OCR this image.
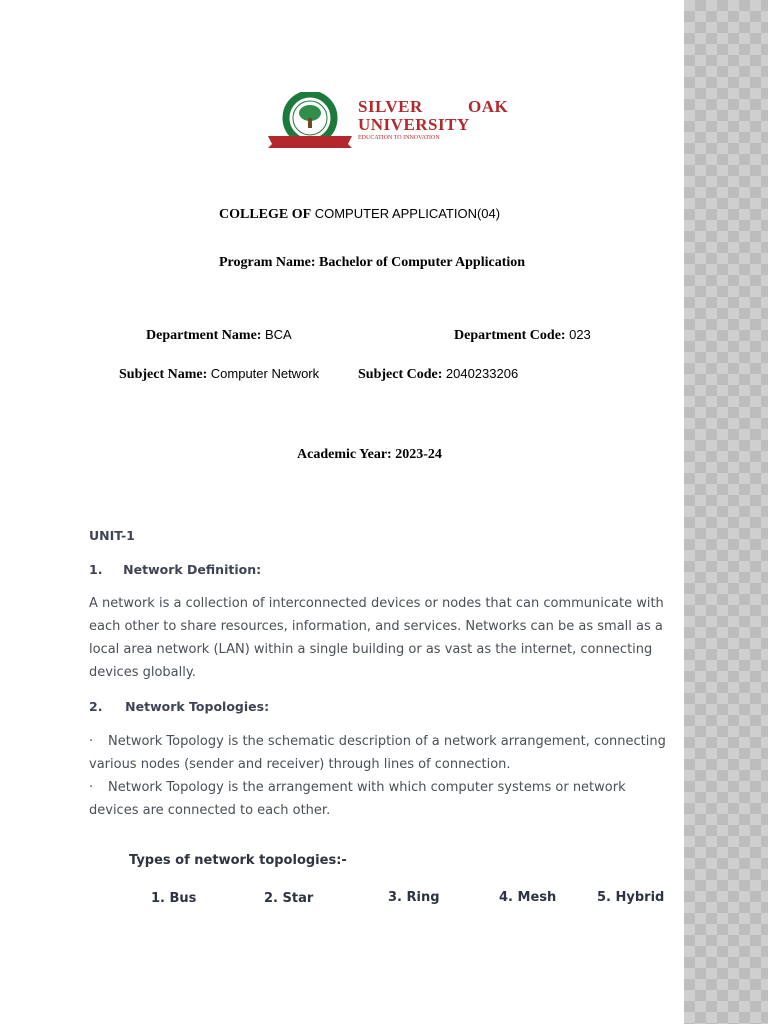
SILVER	OAK
UNIVERSITY
EDUCATION TO INNOVATION
COLLEGE OF COMPUTER APPLICATION(04)
Program Name: Bachelor of Computer Application
Department Name: BCA	Department Code: 023
Subject Name: Computer Network	Subject Code: 2040233206
Academic Year: 2023-24
UNIT-1
1. Network Definition:
A network is a collection of interconnected devices or nodes that can communicate with each other to share resources, information, and services. Networks can be as small as a local area network (LAN) within a single building or as vast as the internet, connecting devices globally.
2. Network Topologies:
· Network Topology is the schematic description of a network arrangement, connecting various nodes (sender and receiver) through lines of connection.
· Network Topology is the arrangement with which computer systems or network devices are connected to each other.
Types of network topologies:-
1. Bus	2. Star	3. Ring	4. Mesh	5. Hybrid
